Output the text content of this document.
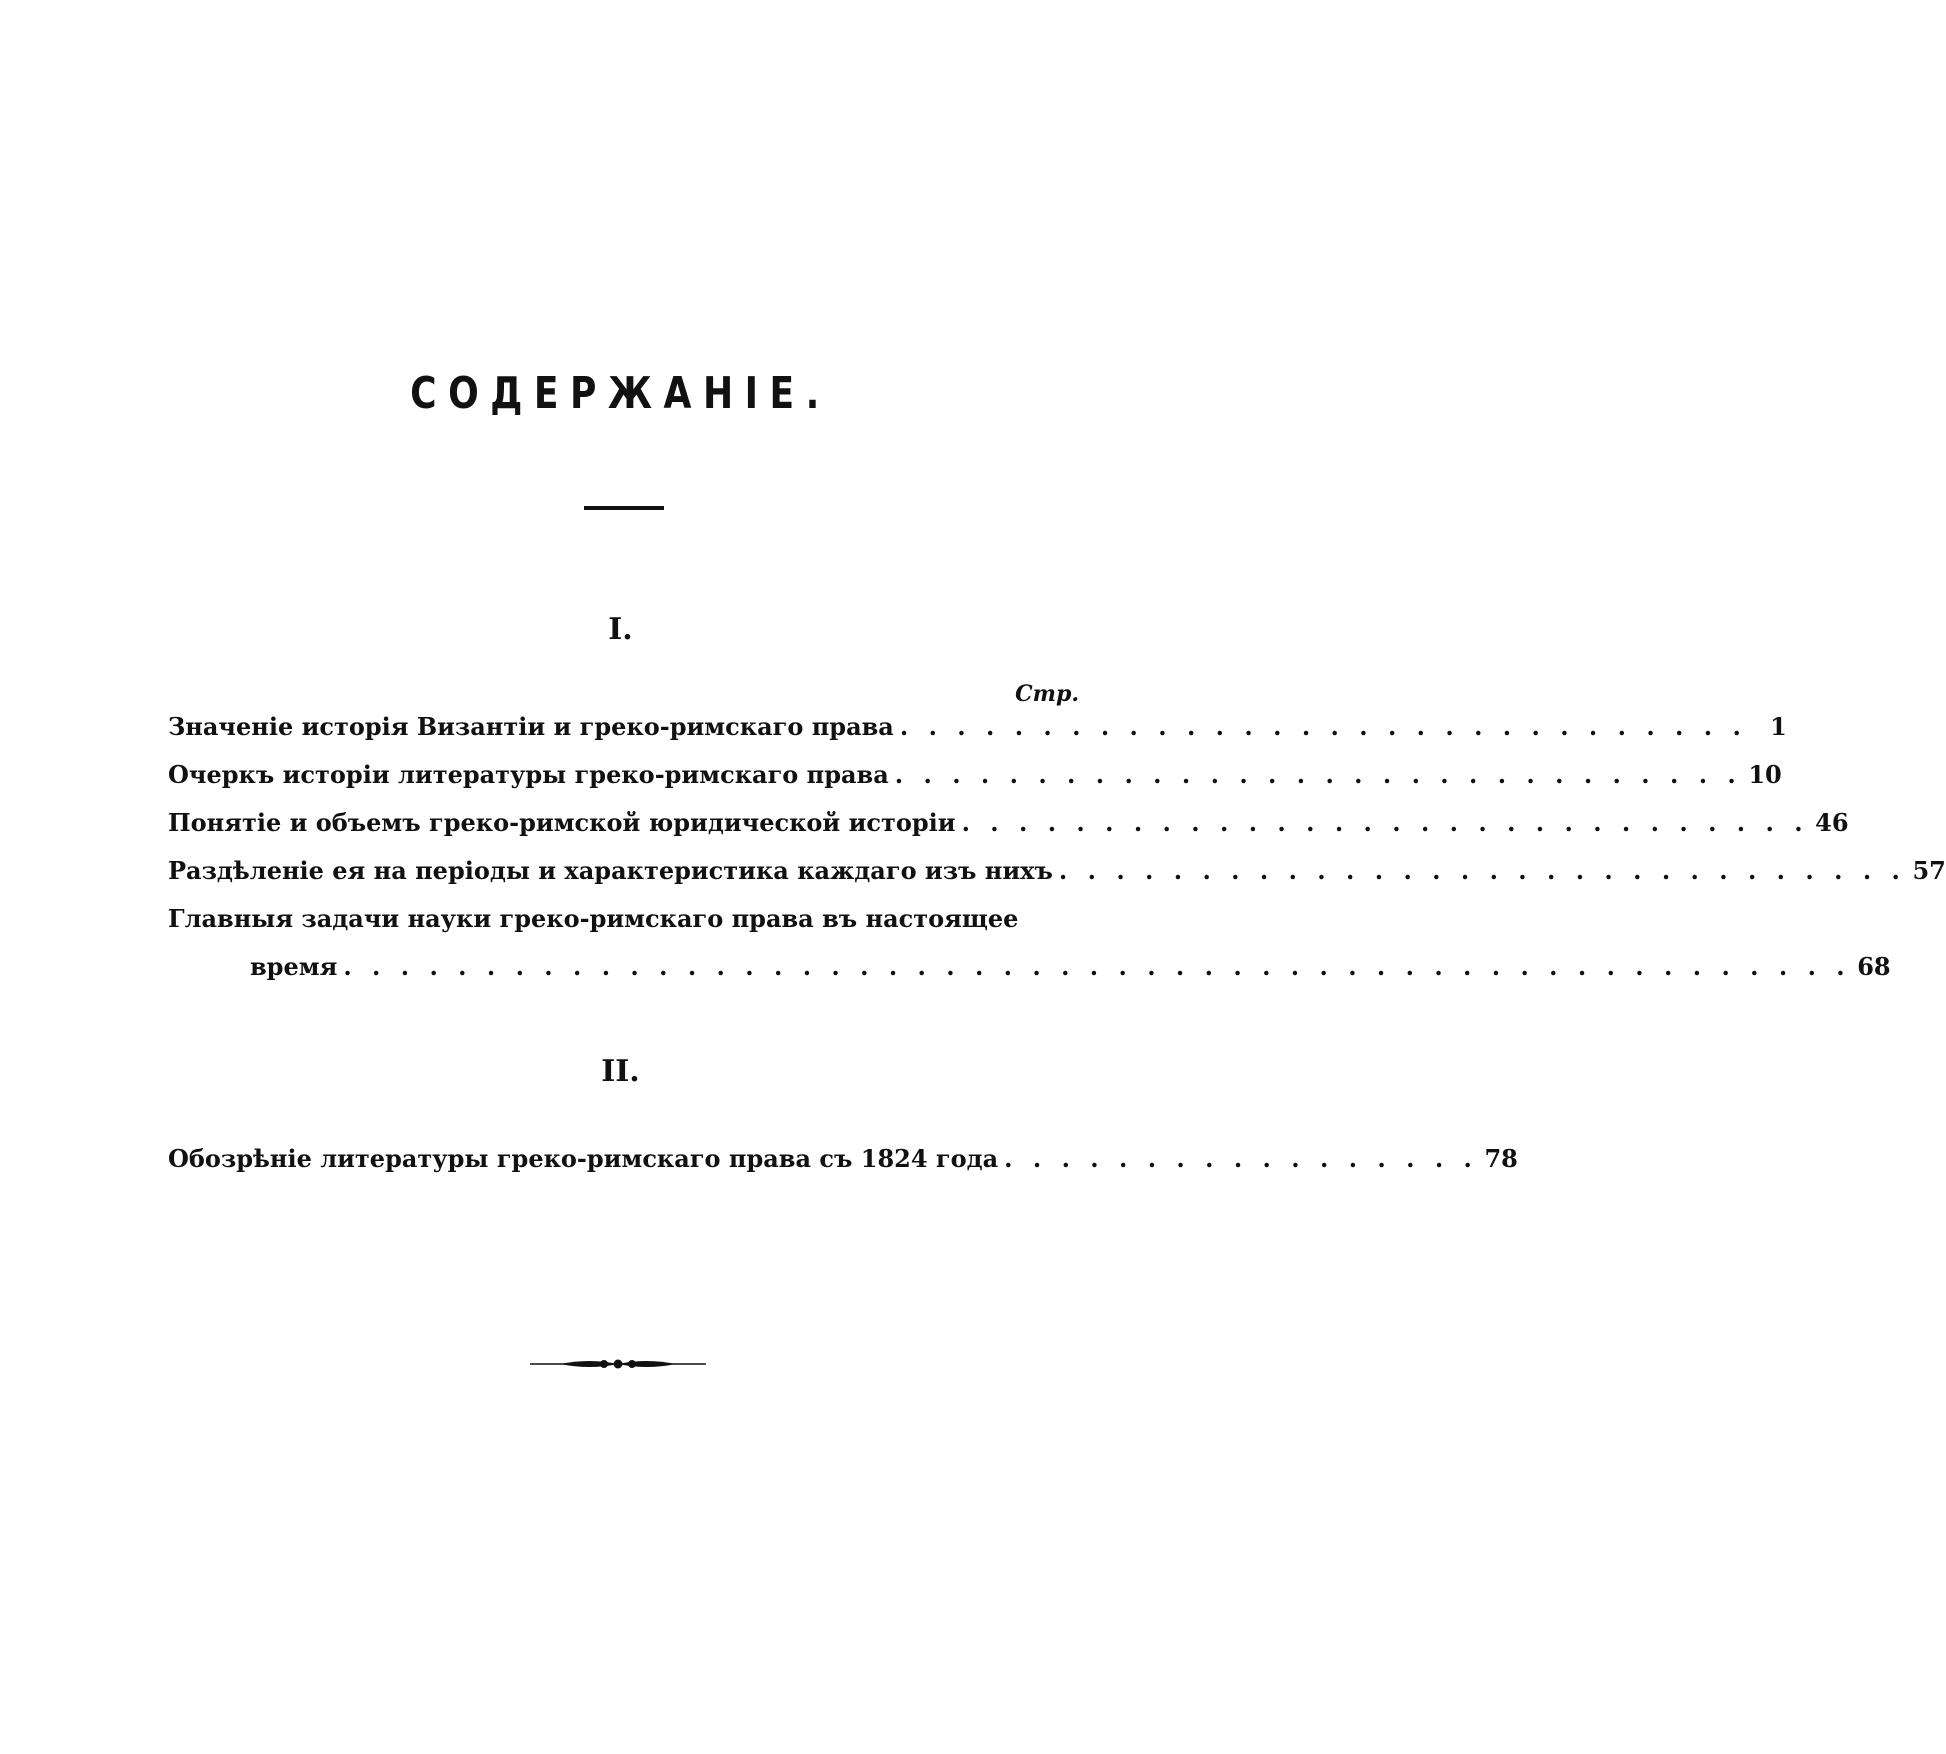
СОДЕРЖАНІЕ.
I.
Стр.
Значеніе исторія Византіи и греко-римскаго права . . . . . . . . . . . . . . . . . . . . . . . . . . . . . . 1
Очеркъ исторіи литературы греко-римскаго права . . . . . . . . . . . . . . . . . . . . . . . . . . . . . . 10
Понятіе и объемъ греко-римской юридической исторіи . . . . . . . . . . . . . . . . . . . . . . . . . . . . . . 46
Раздѣленіе ея на періоды и характеристика каждаго изъ нихъ . . . . . . . . . . . . . . . . . . . . . . . . . . . . . . 57
Главныя задачи науки греко-римскаго права въ настоящее
время . . . . . . . . . . . . . . . . . . . . . . . . . . . . . . . . . . . . . . . . . . . . . . . . . . . . . 68
II.
Обозрѣніе литературы греко-римскаго права съ 1824 года . . . . . . . . . . . . . . . . . 78
